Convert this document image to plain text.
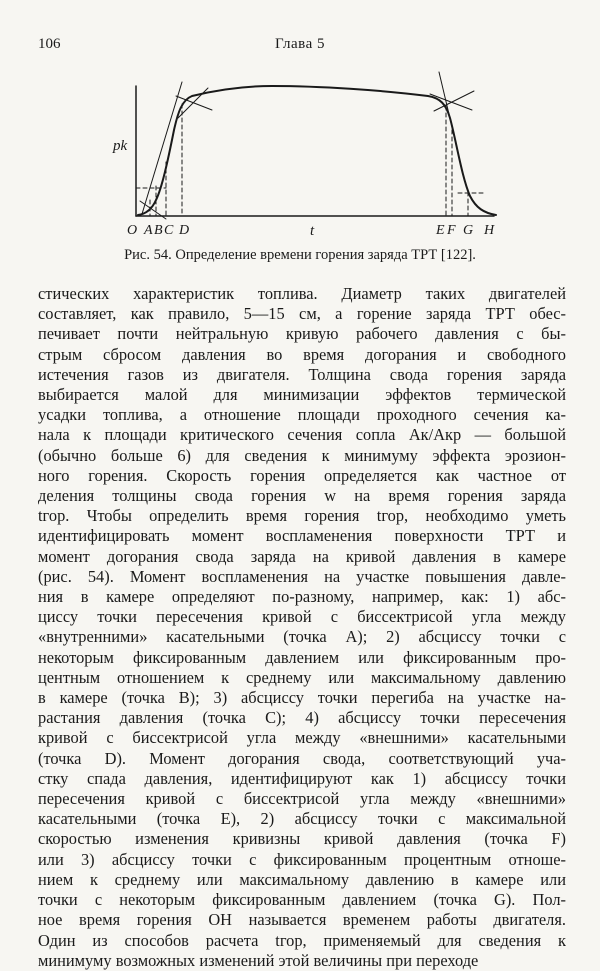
106	Глава 5
pk
t
O A B C D	E F G H
Рис. 54. Определение времени горения заряда ТРТ [122].
стических характеристик топлива. Диаметр таких двигателей
составляет, как правило, 5—15 см, а горение заряда ТРТ обес-
печивает почти нейтральную кривую рабочего давления с бы-
стрым сбросом давления во время догорания и свободного
истечения газов из двигателя. Толщина свода горения заряда
выбирается малой для минимизации эффектов термической
усадки топлива, а отношение площади проходного сечения ка-
нала к площади критического сечения сопла Aк/Aкр — большой
(обычно больше 6) для сведения к минимуму эффекта эрозион-
ного горения. Скорость горения определяется как частное от
деления толщины свода горения w на время горения заряда
tгор. Чтобы определить время горения tгор, необходимо уметь
идентифицировать момент воспламенения поверхности ТРТ и
момент догорания свода заряда на кривой давления в камере
(рис. 54). Момент воспламенения на участке повышения давле-
ния в камере определяют по-разному, например, как: 1) абс-
циссу точки пересечения кривой с биссектрисой угла между
«внутренними» касательными (точка A); 2) абсциссу точки с
некоторым фиксированным давлением или фиксированным про-
центным отношением к среднему или максимальному давлению
в камере (точка B); 3) абсциссу точки перегиба на участке на-
растания давления (точка C); 4) абсциссу точки пересечения
кривой с биссектрисой угла между «внешними» касательными
(точка D). Момент догорания свода, соответствующий уча-
стку спада давления, идентифицируют как 1) абсциссу точки
пересечения кривой с биссектрисой угла между «внешними»
касательными (точка E), 2) абсциссу точки с максимальной
скоростью изменения кривизны кривой давления (точка F)
или 3) абсциссу точки с фиксированным процентным отноше-
нием к среднему или максимальному давлению в камере или
точки с некоторым фиксированным давлением (точка G). Пол-
ное время горения OH называется временем работы двигателя.
Один из способов расчета tгор, применяемый для сведения к
минимуму возможных изменений этой величины при переходе
